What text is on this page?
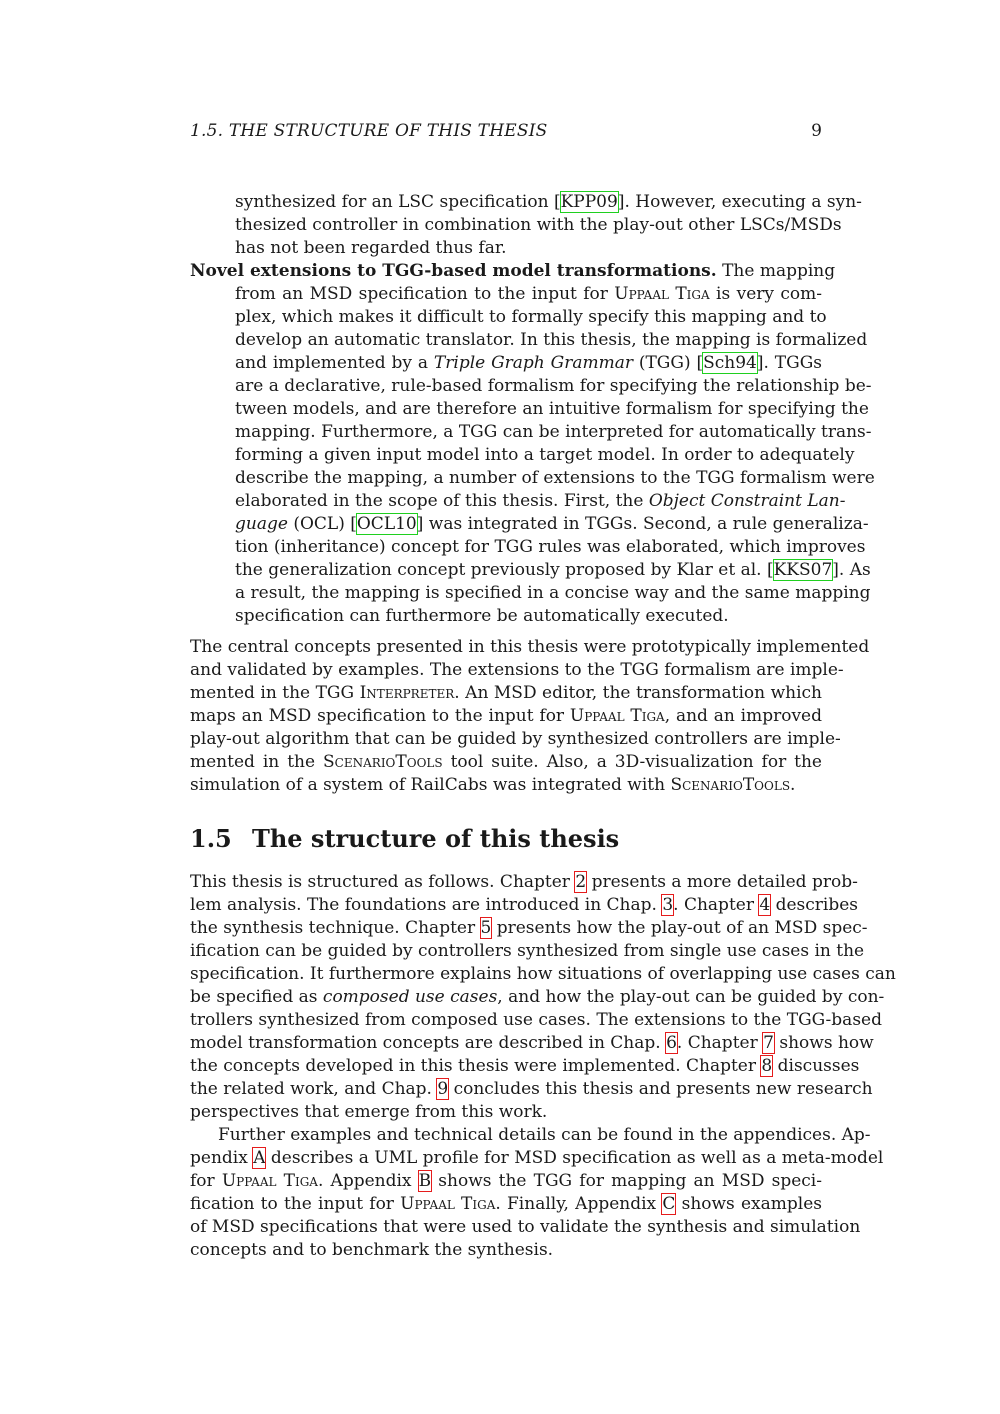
1.5. THE STRUCTURE OF THIS THESIS	9
synthesized for an LSC specification [KPP09]. However, executing a syn-
thesized controller in combination with the play-out other LSCs/MSDs
has not been regarded thus far.
Novel extensions to TGG-based model transformations. The mapping
from an MSD specification to the input for Uppaal Tiga is very com-
plex, which makes it difficult to formally specify this mapping and to
develop an automatic translator. In this thesis, the mapping is formalized
and implemented by a Triple Graph Grammar (TGG) [Sch94]. TGGs
are a declarative, rule-based formalism for specifying the relationship be-
tween models, and are therefore an intuitive formalism for specifying the
mapping. Furthermore, a TGG can be interpreted for automatically trans-
forming a given input model into a target model. In order to adequately
describe the mapping, a number of extensions to the TGG formalism were
elaborated in the scope of this thesis. First, the Object Constraint Lan-
guage (OCL) [OCL10] was integrated in TGGs. Second, a rule generaliza-
tion (inheritance) concept for TGG rules was elaborated, which improves
the generalization concept previously proposed by Klar et al. [KKS07]. As
a result, the mapping is specified in a concise way and the same mapping
specification can furthermore be automatically executed.
The central concepts presented in this thesis were prototypically implemented
and validated by examples. The extensions to the TGG formalism are imple-
mented in the TGG Interpreter. An MSD editor, the transformation which
maps an MSD specification to the input for Uppaal Tiga, and an improved
play-out algorithm that can be guided by synthesized controllers are imple-
mented in the ScenarioTools tool suite. Also, a 3D-visualization for the
simulation of a system of RailCabs was integrated with ScenarioTools.
1.5 The structure of this thesis
This thesis is structured as follows. Chapter 2 presents a more detailed prob-
lem analysis. The foundations are introduced in Chap. 3. Chapter 4 describes
the synthesis technique. Chapter 5 presents how the play-out of an MSD spec-
ification can be guided by controllers synthesized from single use cases in the
specification. It furthermore explains how situations of overlapping use cases can
be specified as composed use cases, and how the play-out can be guided by con-
trollers synthesized from composed use cases. The extensions to the TGG-based
model transformation concepts are described in Chap. 6. Chapter 7 shows how
the concepts developed in this thesis were implemented. Chapter 8 discusses
the related work, and Chap. 9 concludes this thesis and presents new research
perspectives that emerge from this work.
Further examples and technical details can be found in the appendices. Ap-
pendix A describes a UML profile for MSD specification as well as a meta-model
for Uppaal Tiga. Appendix B shows the TGG for mapping an MSD speci-
fication to the input for Uppaal Tiga. Finally, Appendix C shows examples
of MSD specifications that were used to validate the synthesis and simulation
concepts and to benchmark the synthesis.
